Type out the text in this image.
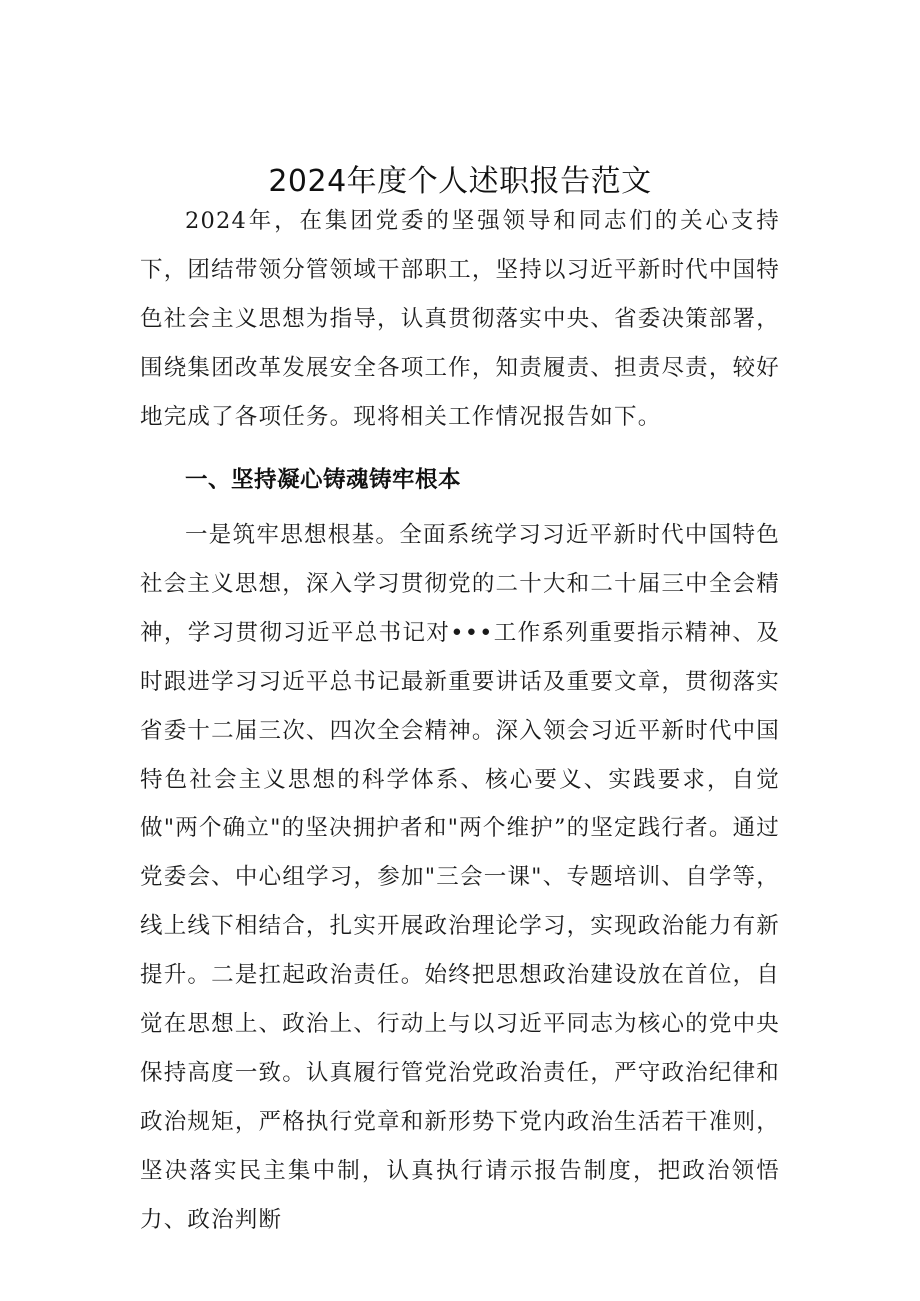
2024年度个人述职报告范文

2024年，在集团党委的坚强领导和同志们的关心支持下，团结带领分管领域干部职工，坚持以习近平新时代中国特色社会主义思想为指导，认真贯彻落实中央、省委决策部署，围绕集团改革发展安全各项工作，知责履责、担责尽责，较好地完成了各项任务。现将相关工作情况报告如下。

一、坚持凝心铸魂铸牢根本

一是筑牢思想根基。全面系统学习习近平新时代中国特色社会主义思想，深入学习贯彻党的二十大和二十届三中全会精神，学习贯彻习近平总书记对•••工作系列重要指示精神、及时跟进学习习近平总书记最新重要讲话及重要文章，贯彻落实省委十二届三次、四次全会精神。深入领会习近平新时代中国特色社会主义思想的科学体系、核心要义、实践要求，自觉做"两个确立"的坚决拥护者和"两个维护”的坚定践行者。通过党委会、中心组学习，参加"三会一课"、专题培训、自学等，线上线下相结合，扎实开展政治理论学习，实现政治能力有新提升。二是扛起政治责任。始终把思想政治建设放在首位，自觉在思想上、政治上、行动上与以习近平同志为核心的党中央保持高度一致。认真履行管党治党政治责任，严守政治纪律和政治规矩，严格执行党章和新形势下党内政治生活若干准则，坚决落实民主集中制，认真执行请示报告制度，把政治领悟力、政治判断
